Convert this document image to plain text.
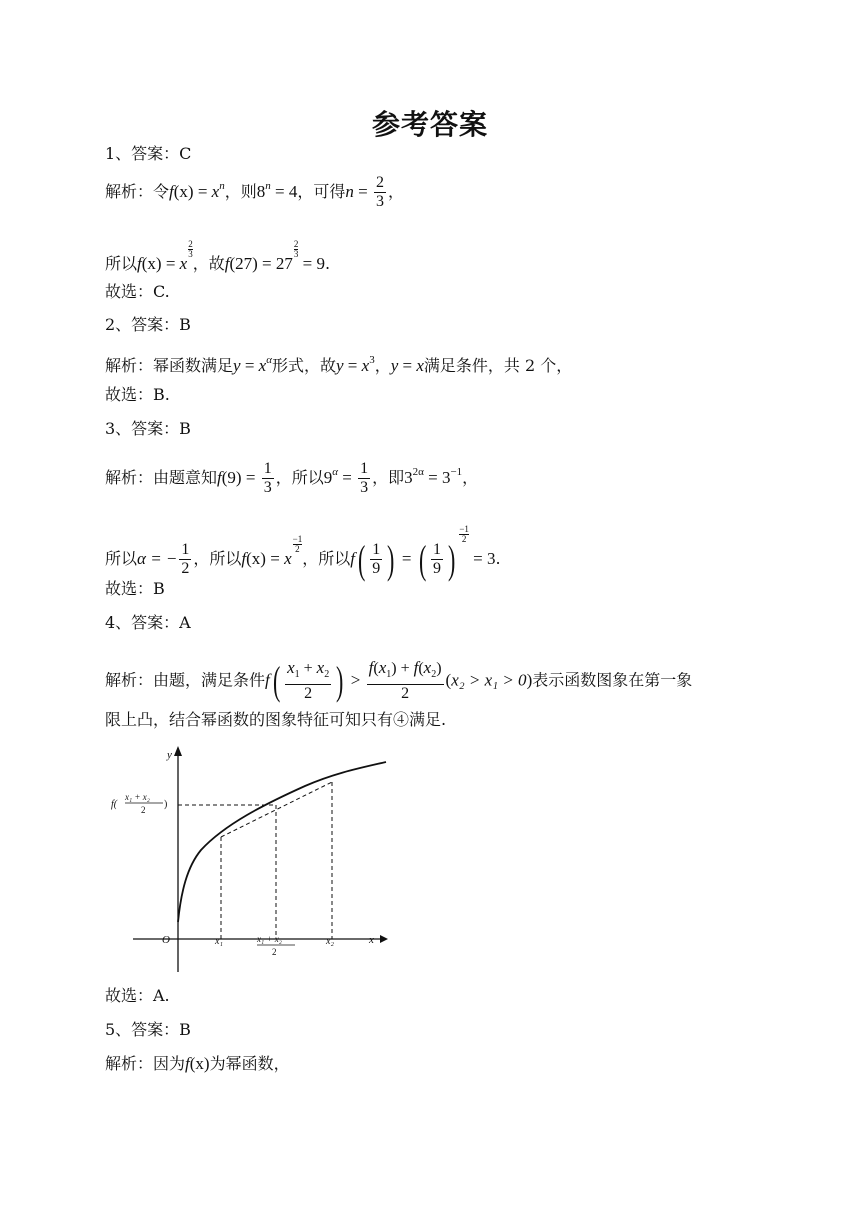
参考答案
1、答案：C
解析：令$f(x) = x^n$，则$8^n = 4$，可得$n = \frac{2}{3}$ ，
所以f(x) = x
$\frac{2}{3}$
，故f(27) = 27
$\frac{2}{3}$
= 9.
故选：C.
2、答案：B
解析：幂函数满足$y = x^\alpha$形式，故$y = x^3$，y = x满足条件，共 2 个，
故选：B.
3、答案：B
解析：由题意知$f(9) = \frac{1}{3}$ ，所以$9^\alpha = \frac{1}{3}$ ，即$3^{2\alpha} = 3^{-1}$，
所以α = − $\frac{1}{2}$ ，所以f(x) = x
$\frac{-1}{2}$
，所以$f( \frac{1}{9}$ ) = ( $\frac{1}{9}$ )
$\frac{-1}{2}$
= 3.
故选：B
4、答案：A
解析：由题，满足条件$f( \frac{x_1 + x_2}{2}$ ) > $\frac{f(x_1) + f(x_2)}{2} (x_2 > x_1 > 0)$表示函数图象在第一象
限上凸，结合幂函数的图象特征可知只有④满足.
y
x
O	x₁	x₂
x₁ + x₂
2
f(
x₁ + x₂
2 )
故选：A.
5、答案：B
解析：因为f(x)为幂函数，
